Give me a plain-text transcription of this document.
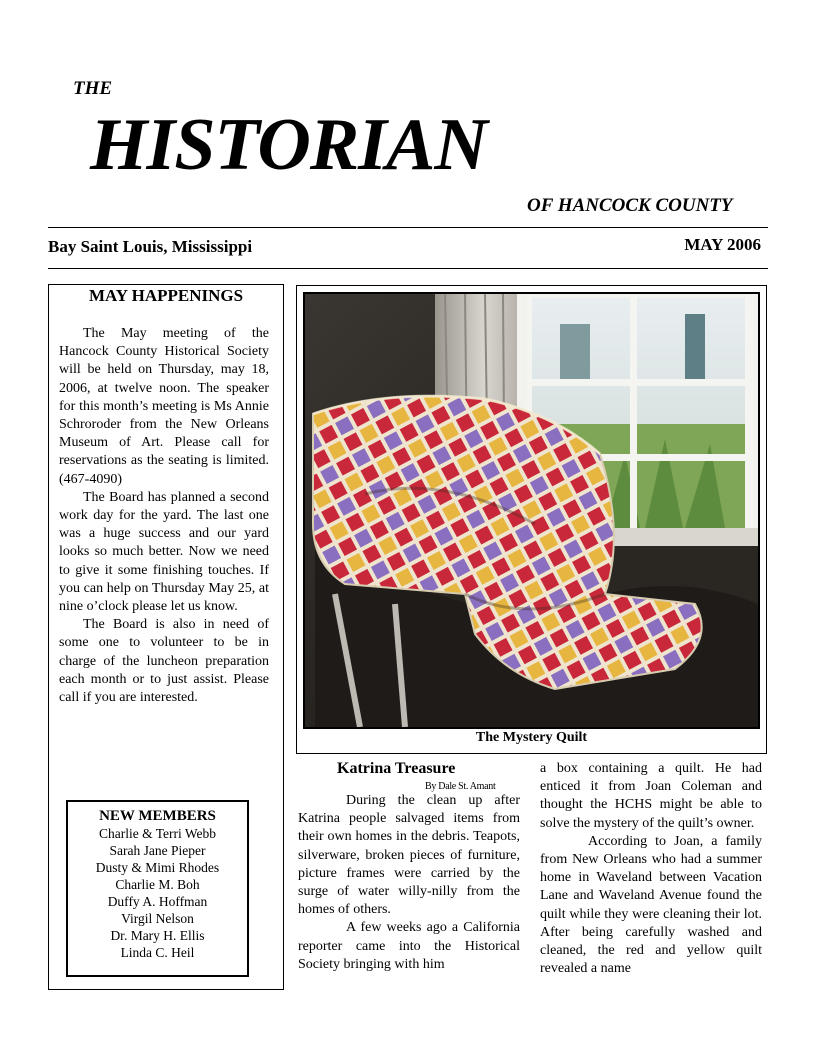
THE
HISTORIAN
OF HANCOCK COUNTY
Bay Saint Louis, Mississippi	MAY 2006
MAY HAPPENINGS

The May meeting of the Hancock County Historical Society will be held on Thursday, may 18, 2006, at twelve noon. The speaker for this month’s meeting is Ms Annie Schroroder from the New Orleans Museum of Art. Please call for reservations as the seating is limited. (467-4090)

The Board has planned a second work day for the yard. The last one was a huge success and our yard looks so much better. Now we need to give it some finishing touches. If you can help on Thursday May 25, at nine o’clock please let us know.

The Board is also in need of some one to volunteer to be in charge of the luncheon preparation each month or to just assist. Please call if you are interested.

NEW MEMBERS
Charlie & Terri Webb
Sarah Jane Pieper
Dusty & Mimi Rhodes
Charlie M. Boh
Duffy A. Hoffman
Virgil Nelson
Dr. Mary H. Ellis
Linda C. Heil
The Mystery Quilt
Katrina Treasure
By Dale St. Amant

During the clean up after Katrina people salvaged items from their own homes in the debris. Teapots, silverware, broken pieces of furniture, picture frames were carried by the surge of water willy-nilly from the homes of others.

A few weeks ago a California reporter came into the Historical Society bringing with him

a box containing a quilt. He had enticed it from Joan Coleman and thought the HCHS might be able to solve the mystery of the quilt’s owner.

According to Joan, a family from New Orleans who had a summer home in Waveland between Vacation Lane and Waveland Avenue found the quilt while they were cleaning their lot. After being carefully washed and cleaned, the red and yellow quilt revealed a name
